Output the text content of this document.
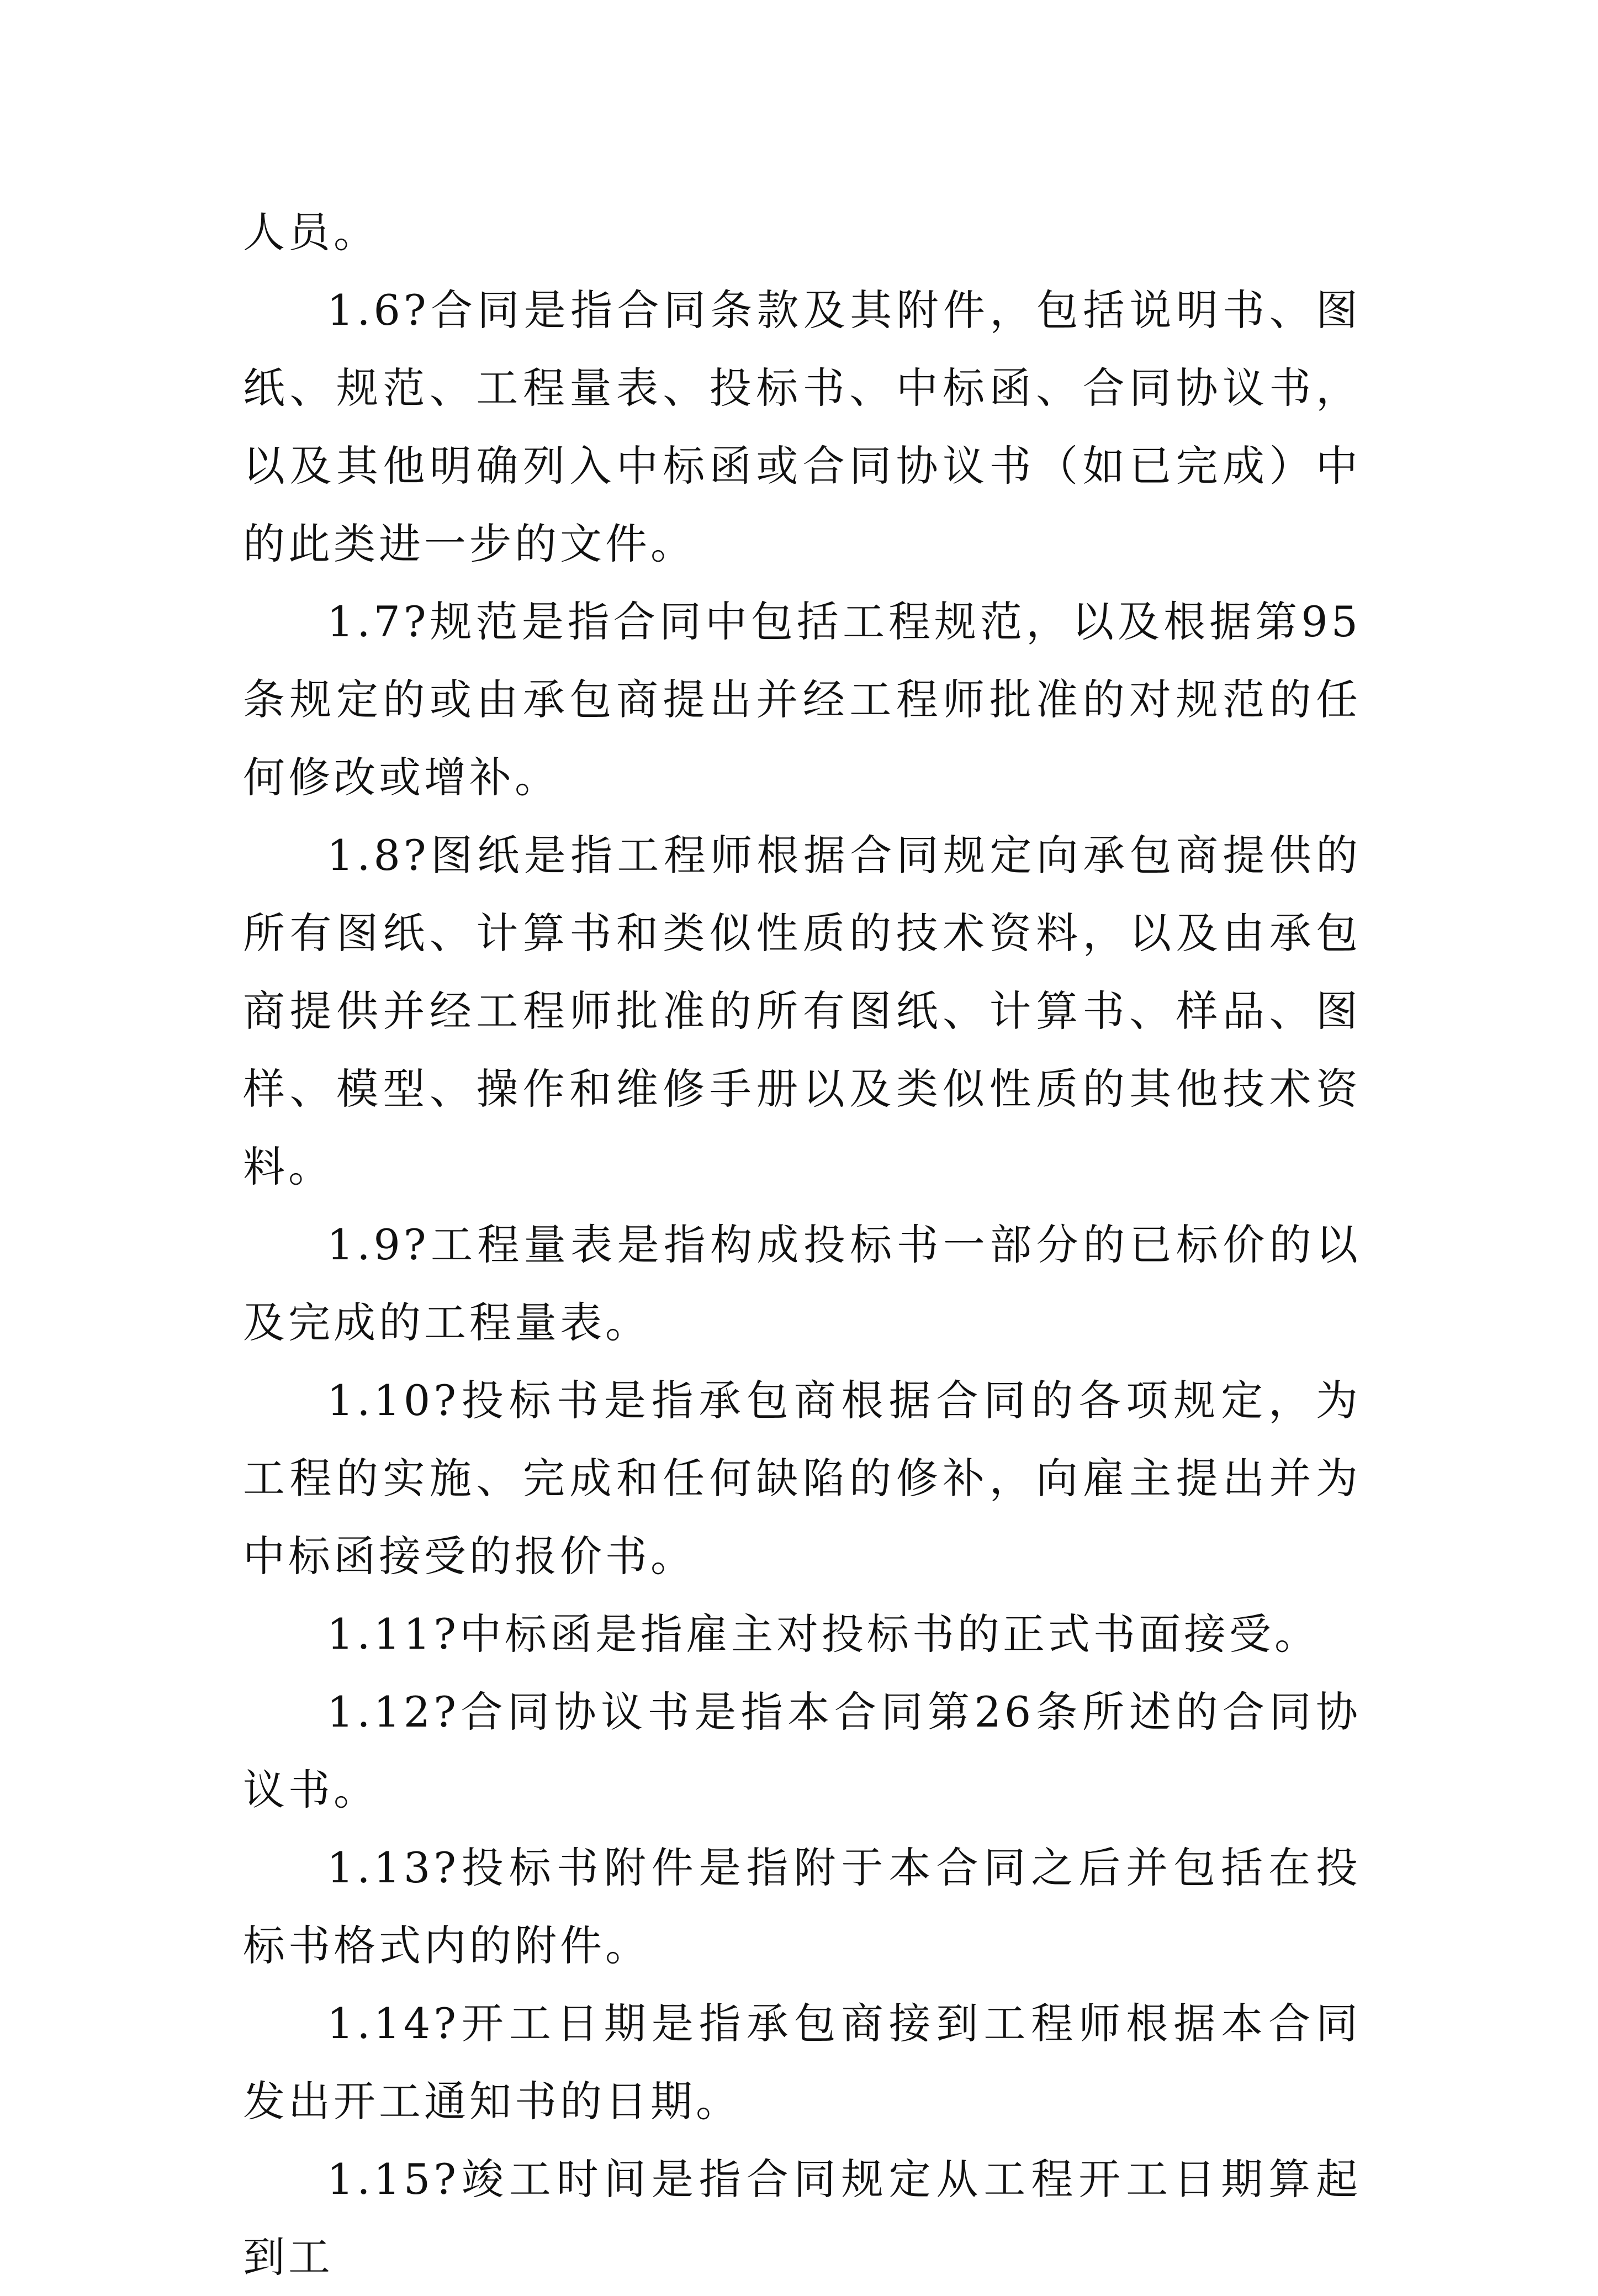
人员。

1.6?合同是指合同条款及其附件，包括说明书、图纸、规范、工程量表、投标书、中标函、合同协议书，以及其他明确列入中标函或合同协议书（如已完成）中的此类进一步的文件。

1.7?规范是指合同中包括工程规范，以及根据第95条规定的或由承包商提出并经工程师批准的对规范的任何修改或增补。

1.8?图纸是指工程师根据合同规定向承包商提供的所有图纸、计算书和类似性质的技术资料，以及由承包商提供并经工程师批准的所有图纸、计算书、样品、图样、模型、操作和维修手册以及类似性质的其他技术资料。

1.9?工程量表是指构成投标书一部分的已标价的以及完成的工程量表。

1.10?投标书是指承包商根据合同的各项规定，为工程的实施、完成和任何缺陷的修补，向雇主提出并为中标函接受的报价书。

1.11?中标函是指雇主对投标书的正式书面接受。

1.12?合同协议书是指本合同第26条所述的合同协议书。

1.13?投标书附件是指附于本合同之后并包括在投标书格式内的附件。

1.14?开工日期是指承包商接到工程师根据本合同发出开工通知书的日期。

1.15?竣工时间是指合同规定从工程开工日期算起到工
